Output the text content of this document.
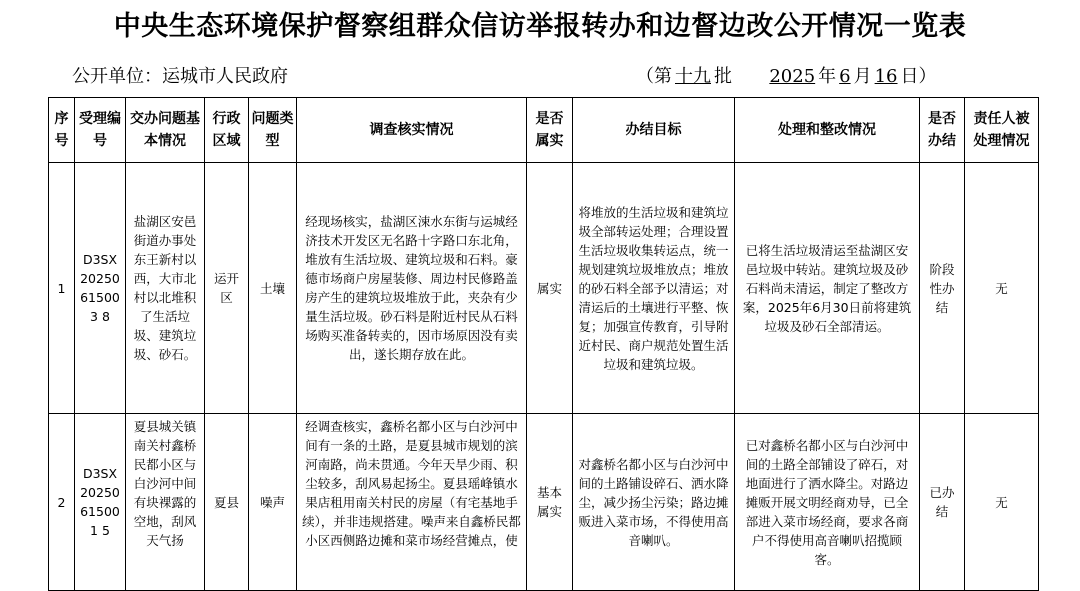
中央生态环境保护督察组群众信访举报转办和边督边改公开情况一览表
公开单位：运城市人民政府	（第 十九 批 2025 年 6 月 16 日）
序号	受理编号	交办问题基本情况	行政区域	问题类型	调查核实情况	是否属实	办结目标	处理和整改情况	是否办结	责任人被处理情况
1	D3SX20250615003 8	盐湖区安邑街道办事处东王新村以西，大市北村以北堆积了生活垃圾、建筑垃圾、砂石。	运开区	土壤	经现场核实，盐湖区涑水东街与运城经济技术开发区无名路十字路口东北角，堆放有生活垃圾、建筑垃圾和石料。豪德市场商户房屋装修、周边村民修路盖房产生的建筑垃圾堆放于此，夹杂有少量生活垃圾。砂石料是附近村民从石料场购买准备转卖的，因市场原因没有卖出，遂长期存放在此。	属实	将堆放的生活垃圾和建筑垃圾全部转运处理；合理设置生活垃圾收集转运点，统一规划建筑垃圾堆放点；堆放的砂石料全部予以清运；对清运后的土壤进行平整、恢复；加强宣传教育，引导附近村民、商户规范处置生活垃圾和建筑垃圾。	已将生活垃圾清运至盐湖区安邑垃圾中转站。建筑垃圾及砂石料尚未清运，制定了整改方案，2025年6月30日前将建筑垃圾及砂石全部清运。	阶段性办结	无
2	D3SX20250615001 5	夏县城关镇南关村鑫桥民都小区与白沙河中间有块裸露的空地，刮风天气扬	夏县	噪声	经调查核实，鑫桥名都小区与白沙河中间有一条的土路，是夏县城市规划的滨河南路，尚未贯通。今年天旱少雨、积尘较多，刮风易起扬尘。夏县瑶峰镇水果店租用南关村民的房屋（有宅基地手续），并非违规搭建。噪声来自鑫桥民都小区西侧路边摊和菜市场经营摊点，使	基本属实	对鑫桥名都小区与白沙河中间的土路铺设碎石、洒水降尘，减少扬尘污染；路边摊贩进入菜市场，不得使用高音喇叭。	已对鑫桥名都小区与白沙河中间的土路全部铺设了碎石，对地面进行了洒水降尘。对路边摊贩开展文明经商劝导，已全部进入菜市场经商，要求各商户不得使用高音喇叭招揽顾客。	已办结	无
